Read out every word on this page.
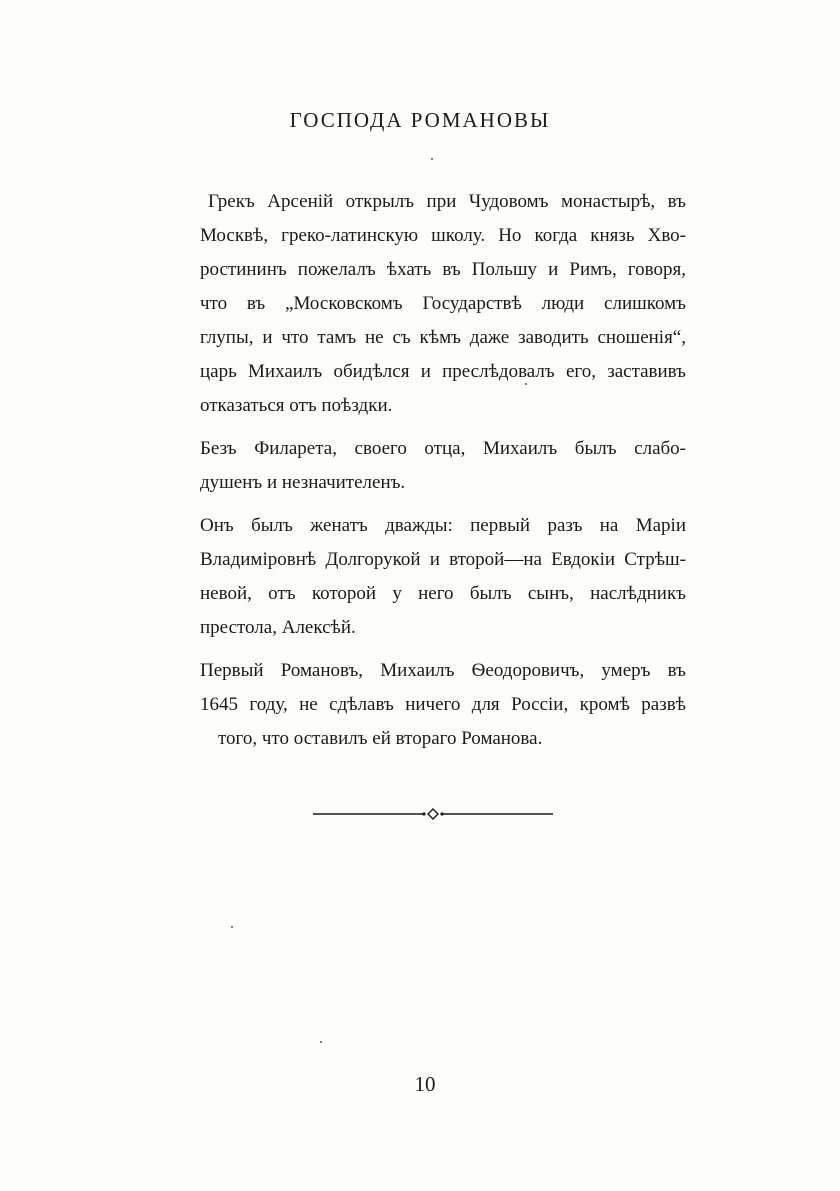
ГОСПОДА РОМАНОВЫ

Грекъ Арсеній открылъ при Чудовомъ монастырѣ, въ
Москвѣ, греко-латинскую школу. Но когда князь Хво-
ростининъ пожелалъ ѣхать въ Польшу и Римъ, говоря,
что въ „Московскомъ Государствѣ люди слишкомъ
глупы, и что тамъ не съ кѣмъ даже заводить сношенія“,
царь Михаилъ обидѣлся и преслѣдовалъ его, заставивъ
отказаться отъ поѣздки.

Безъ Филарета, своего отца, Михаилъ былъ слабо-
душенъ и незначителенъ.

Онъ былъ женатъ дважды: первый разъ на Маріи
Владиміровнѣ Долгорукой и второй—на Евдокіи Стрѣш-
невой, отъ которой у него былъ сынъ, наслѣдникъ
престола, Алексѣй.

Первый Романовъ, Михаилъ Ѳеодоровичъ, умеръ въ
1645 году, не сдѣлавъ ничего для Россіи, кромѣ развѣ
того, что оставилъ ей втораго Романова.

10
